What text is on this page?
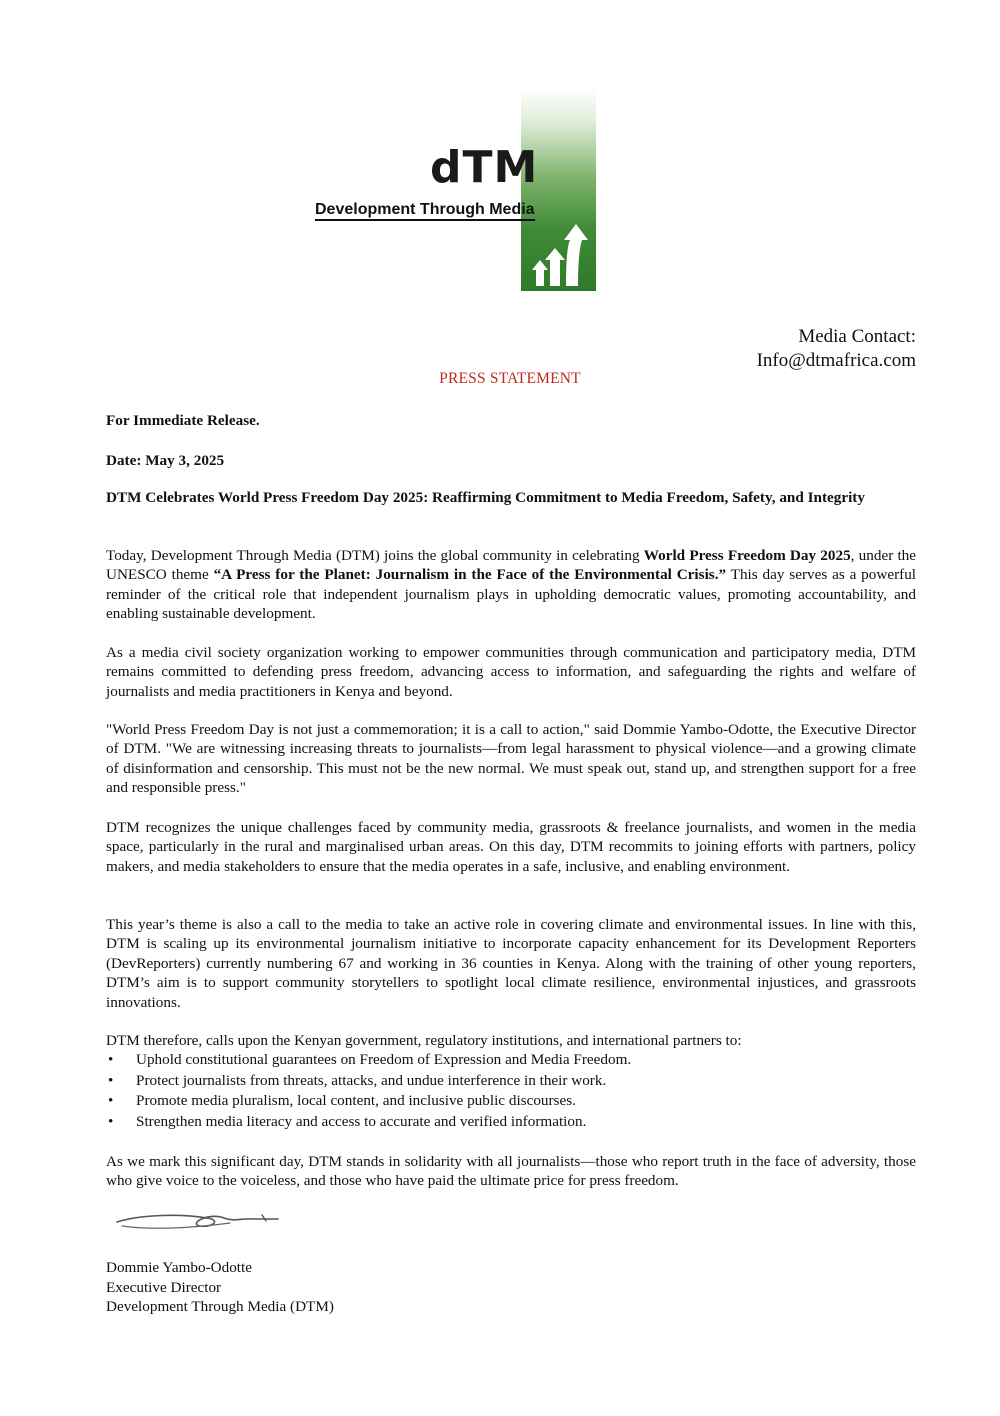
dTM
Development Through Media
Media Contact:
Info@dtmafrica.com
PRESS STATEMENT

For Immediate Release.

Date: May 3, 2025

DTM Celebrates World Press Freedom Day 2025: Reaffirming Commitment to Media Freedom, Safety, and Integrity

Today, Development Through Media (DTM) joins the global community in celebrating World Press Freedom Day 2025, under the UNESCO theme “A Press for the Planet: Journalism in the Face of the Environmental Crisis.” This day serves as a powerful reminder of the critical role that independent journalism plays in upholding democratic values, promoting accountability, and enabling sustainable development.

As a media civil society organization working to empower communities through communication and participatory media, DTM remains committed to defending press freedom, advancing access to information, and safeguarding the rights and welfare of journalists and media practitioners in Kenya and beyond.

"World Press Freedom Day is not just a commemoration; it is a call to action," said Dommie Yambo-Odotte, the Executive Director of DTM. "We are witnessing increasing threats to journalists—from legal harassment to physical violence—and a growing climate of disinformation and censorship. This must not be the new normal. We must speak out, stand up, and strengthen support for a free and responsible press."

DTM recognizes the unique challenges faced by community media, grassroots & freelance journalists, and women in the media space, particularly in the rural and marginalised urban areas. On this day, DTM recommits to joining efforts with partners, policy makers, and media stakeholders to ensure that the media operates in a safe, inclusive, and enabling environment.

This year’s theme is also a call to the media to take an active role in covering climate and environmental issues. In line with this, DTM is scaling up its environmental journalism initiative to incorporate capacity enhancement for its Development Reporters (DevReporters) currently numbering 67 and working in 36 counties in Kenya. Along with the training of other young reporters, DTM’s aim is to support community storytellers to spotlight local climate resilience, environmental injustices, and grassroots innovations.

DTM therefore, calls upon the Kenyan government, regulatory institutions, and international partners to:

• Uphold constitutional guarantees on Freedom of Expression and Media Freedom.
• Protect journalists from threats, attacks, and undue interference in their work.
• Promote media pluralism, local content, and inclusive public discourses.
• Strengthen media literacy and access to accurate and verified information.

As we mark this significant day, DTM stands in solidarity with all journalists—those who report truth in the face of adversity, those who give voice to the voiceless, and those who have paid the ultimate price for press freedom.

Dommie Yambo-Odotte
Executive Director
Development Through Media (DTM)
